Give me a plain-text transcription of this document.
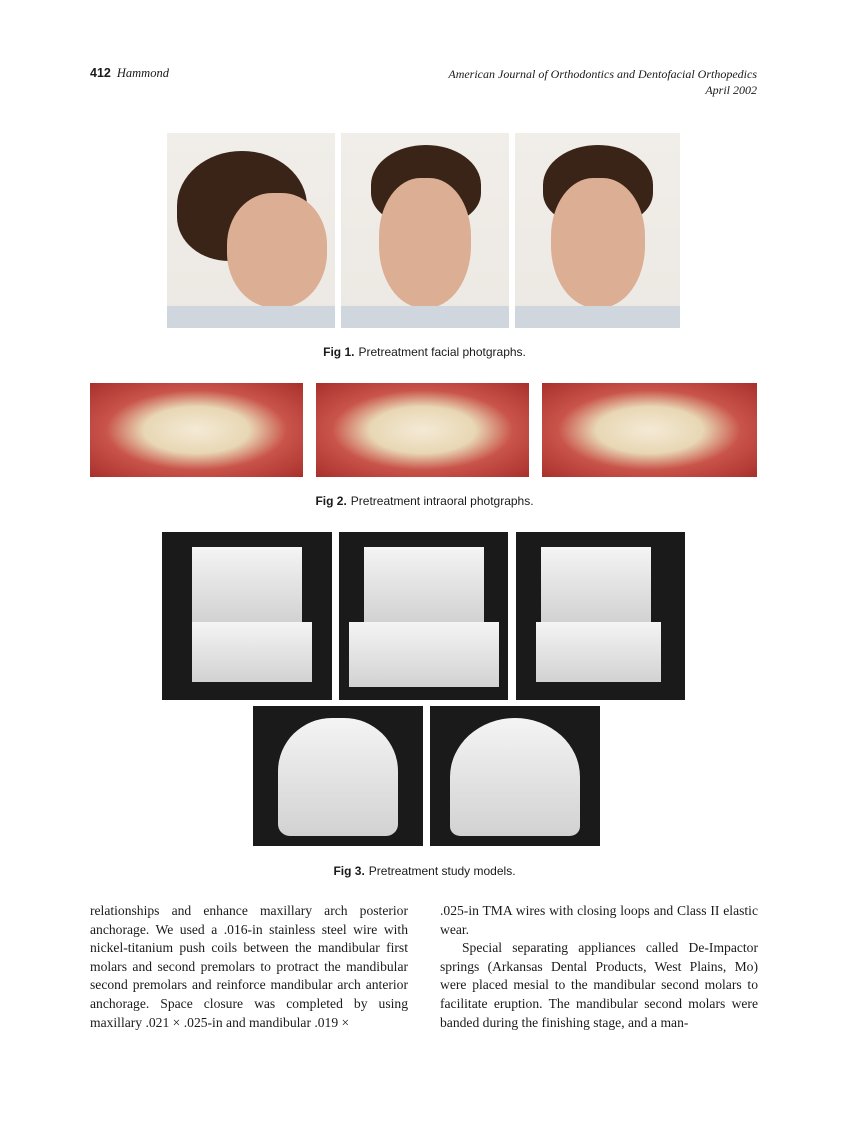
412 Hammond	American Journal of Orthodontics and Dentofacial Orthopedics
April 2002
Fig 1. Pretreatment facial photgraphs.
Fig 2. Pretreatment intraoral photgraphs.
Fig 3. Pretreatment study models.

relationships and enhance maxillary arch posterior anchorage. We used a .016-in stainless steel wire with nickel-titanium push coils between the mandibular first molars and second premolars to protract the mandibular second premolars and reinforce mandibular arch anterior anchorage. Space closure was completed by using maxillary .021 × .025-in and mandibular .019 ×

.025-in TMA wires with closing loops and Class II elastic wear.

Special separating appliances called De-Impactor springs (Arkansas Dental Products, West Plains, Mo) were placed mesial to the mandibular second molars to facilitate eruption. The mandibular second molars were banded during the finishing stage, and a man-
